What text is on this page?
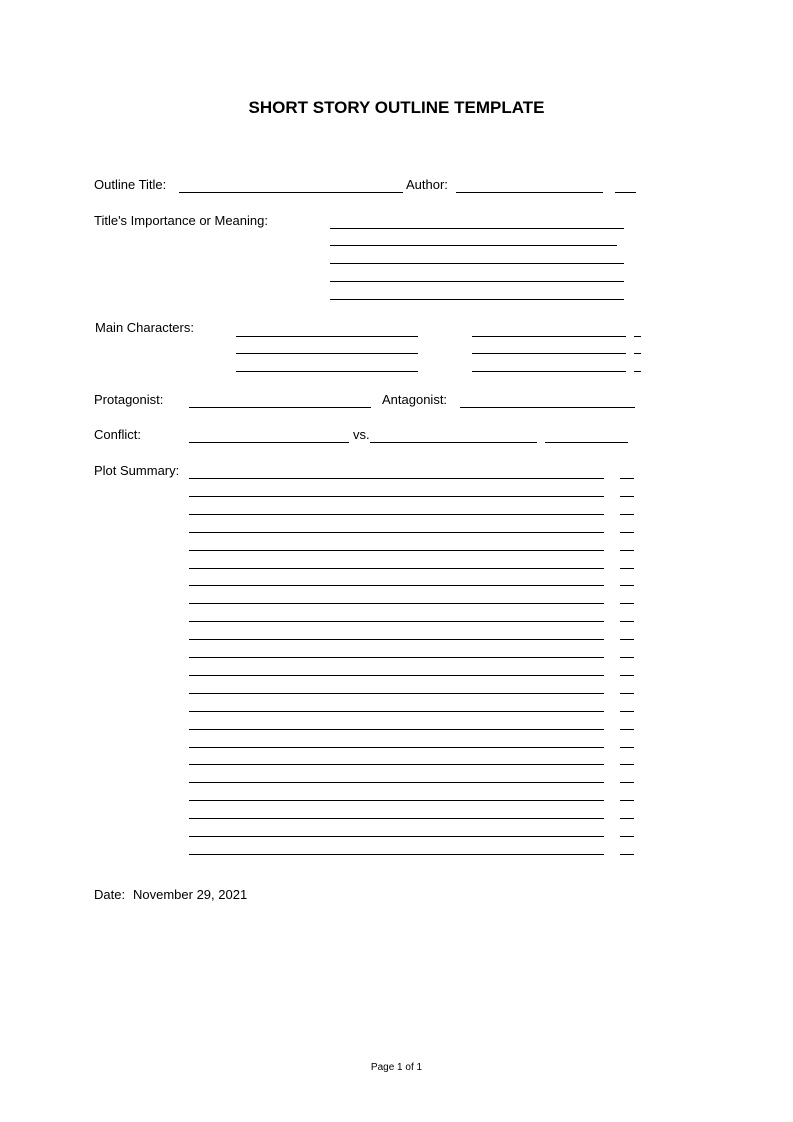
SHORT STORY OUTLINE TEMPLATE
Outline Title:	Author:
Title's Importance or Meaning:
Main Characters:
Protagonist:	Antagonist:
Conflict:	vs.
Plot Summary:
Date: November 29, 2021
Page 1 of 1
